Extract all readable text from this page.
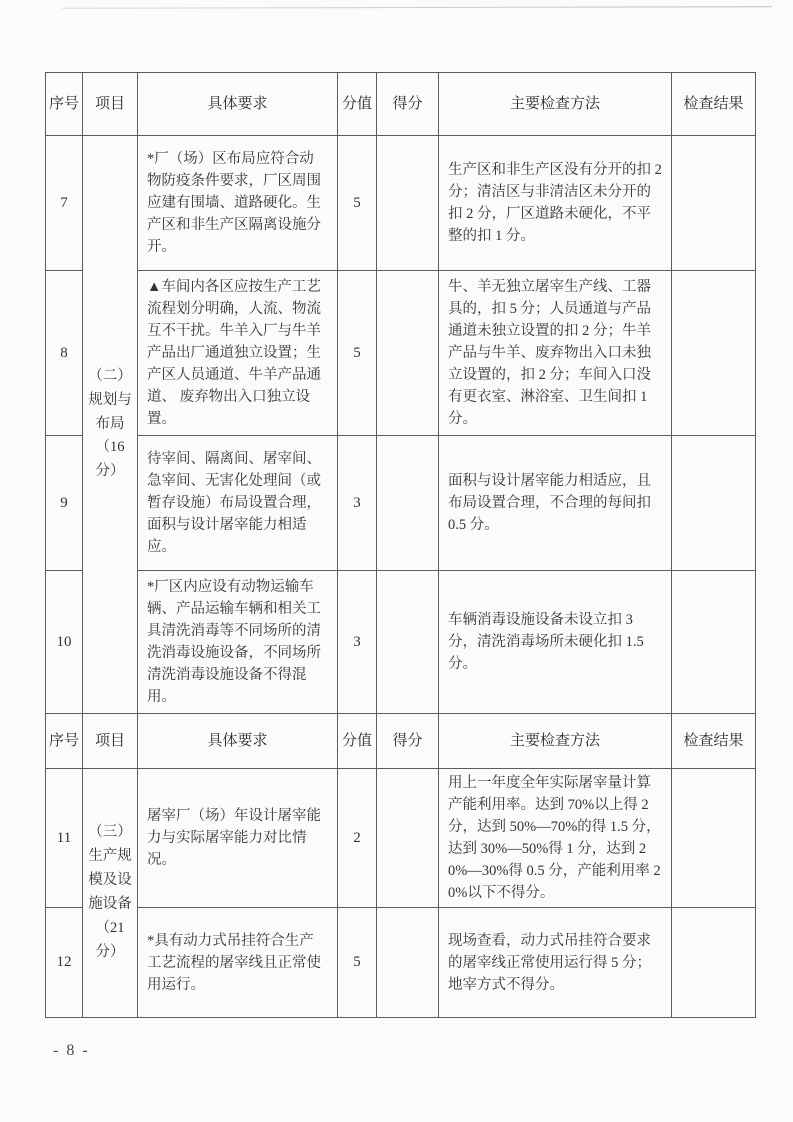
序号	项目	具体要求	分值	得分	主要检查方法	检查结果
7	（二）规划与布局（16分）	*厂（场）区布局应符合动物防疫条件要求，厂区周围应建有围墙、道路硬化。生产区和非生产区隔离设施分开。	5		生产区和非生产区没有分开的扣 2 分；清洁区与非清洁区未分开的扣 2 分，厂区道路未硬化，不平整的扣 1 分。	
8		▲车间内各区应按生产工艺流程划分明确，人流、物流互不干扰。牛羊入厂与牛羊产品出厂通道独立设置；生产区人员通道、牛羊产品通道、 废弃物出入口独立设置。	5		牛、羊无独立屠宰生产线、工器具的，扣 5 分；人员通道与产品通道未独立设置的扣 2 分；牛羊产品与牛羊、废弃物出入口未独立设置的，扣 2 分；车间入口没有更衣室、淋浴室、卫生间扣 1 分。	
9		待宰间、隔离间、屠宰间、急宰间、无害化处理间（或暂存设施）布局设置合理，面积与设计屠宰能力相适应。	3		面积与设计屠宰能力相适应，且布局设置合理，不合理的每间扣 0.5 分。	
10		*厂区内应设有动物运输车辆、产品运输车辆和相关工具清洗消毒等不同场所的清洗消毒设施设备，不同场所清洗消毒设施设备不得混用。	3		车辆消毒设施设备未设立扣 3 分，清洗消毒场所未硬化扣 1.5 分。	
序号	项目	具体要求	分值	得分	主要检查方法	检查结果
11	（三）生产规模及设施设备（21分）	屠宰厂（场）年设计屠宰能力与实际屠宰能力对比情况。	2		用上一年度全年实际屠宰量计算产能利用率。达到 70%以上得 2 分，达到 50%—70%的得 1.5 分，达到 30%—50%得 1 分，达到 20%—30%得 0.5 分，产能利用率 20%以下不得分。	
12		*具有动力式吊挂符合生产工艺流程的屠宰线且正常使用运行。	5		现场查看，动力式吊挂符合要求的屠宰线正常使用运行得 5 分；地宰方式不得分。	
- 8 -
